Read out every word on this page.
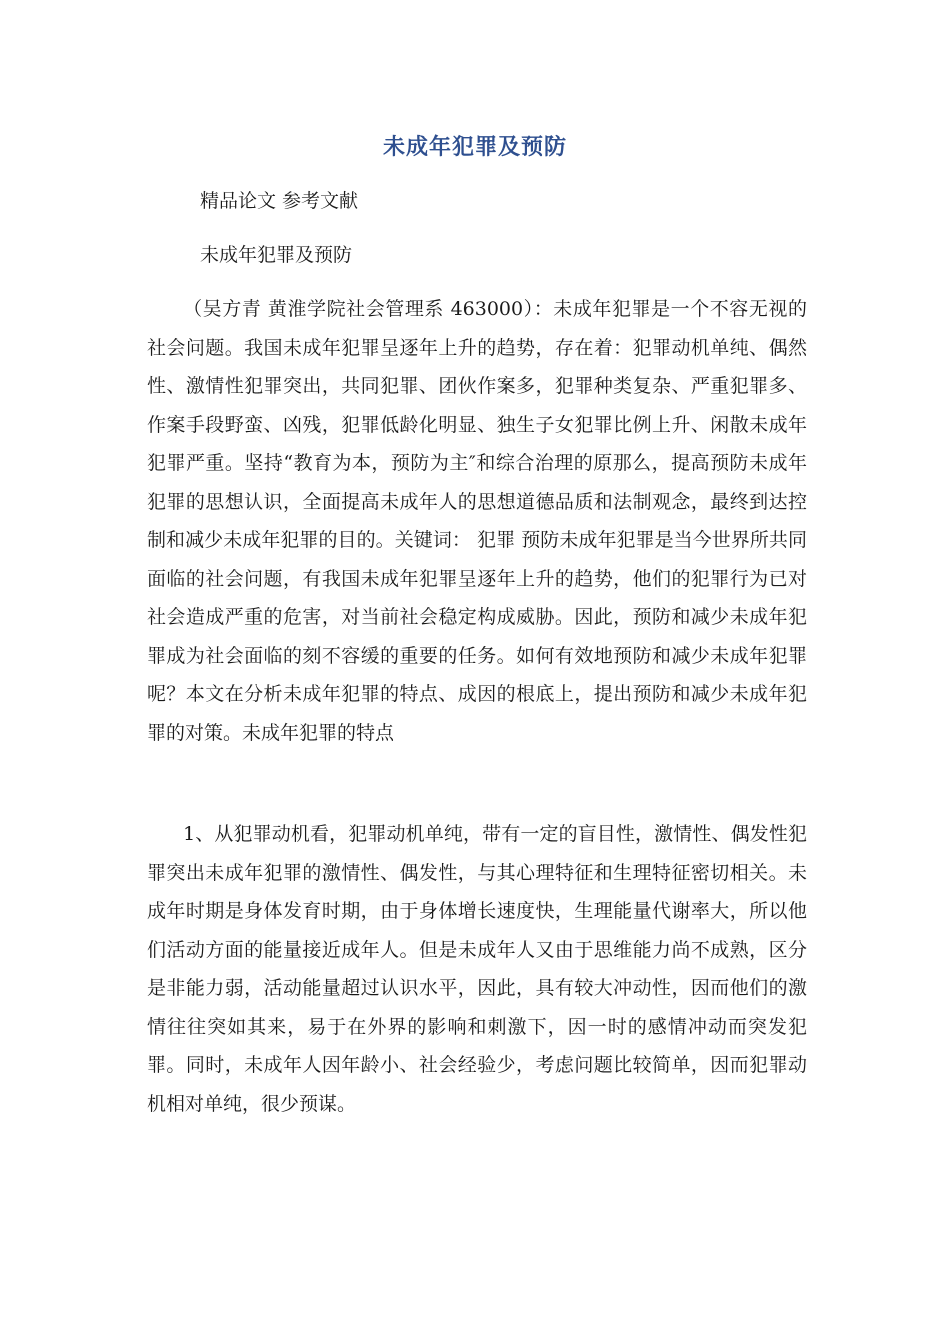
未成年犯罪及预防
精品论文 参考文献
未成年犯罪及预防

（吴方青 黄淮学院社会管理系 463000）：未成年犯罪是一个不容无视的社会问题。我国未成年犯罪呈逐年上升的趋势，存在着：犯罪动机单纯、偶然性、激情性犯罪突出，共同犯罪、团伙作案多，犯罪种类复杂、严重犯罪多、作案手段野蛮、凶残，犯罪低龄化明显、独生子女犯罪比例上升、闲散未成年犯罪严重。坚持“教育为本，预防为主″和综合治理的原那么，提高预防未成年犯罪的思想认识，全面提高未成年人的思想道德品质和法制观念，最终到达控制和减少未成年犯罪的目的。关键词： 犯罪 预防未成年犯罪是当今世界所共同面临的社会问题，有我国未成年犯罪呈逐年上升的趋势，他们的犯罪行为已对社会造成严重的危害，对当前社会稳定构成威胁。因此，预防和减少未成年犯罪成为社会面临的刻不容缓的重要的任务。如何有效地预防和减少未成年犯罪呢？本文在分析未成年犯罪的特点、成因的根底上，提出预防和减少未成年犯罪的对策。未成年犯罪的特点

1、从犯罪动机看，犯罪动机单纯，带有一定的盲目性，激情性、偶发性犯罪突出未成年犯罪的激情性、偶发性，与其心理特征和生理特征密切相关。未成年时期是身体发育时期，由于身体增长速度快，生理能量代谢率大，所以他们活动方面的能量接近成年人。但是未成年人又由于思维能力尚不成熟，区分是非能力弱，活动能量超过认识水平，因此，具有较大冲动性，因而他们的激情往往突如其来，易于在外界的影响和刺激下，因一时的感情冲动而突发犯罪。同时，未成年人因年龄小、社会经验少，考虑问题比较简单，因而犯罪动机相对单纯，很少预谋。
